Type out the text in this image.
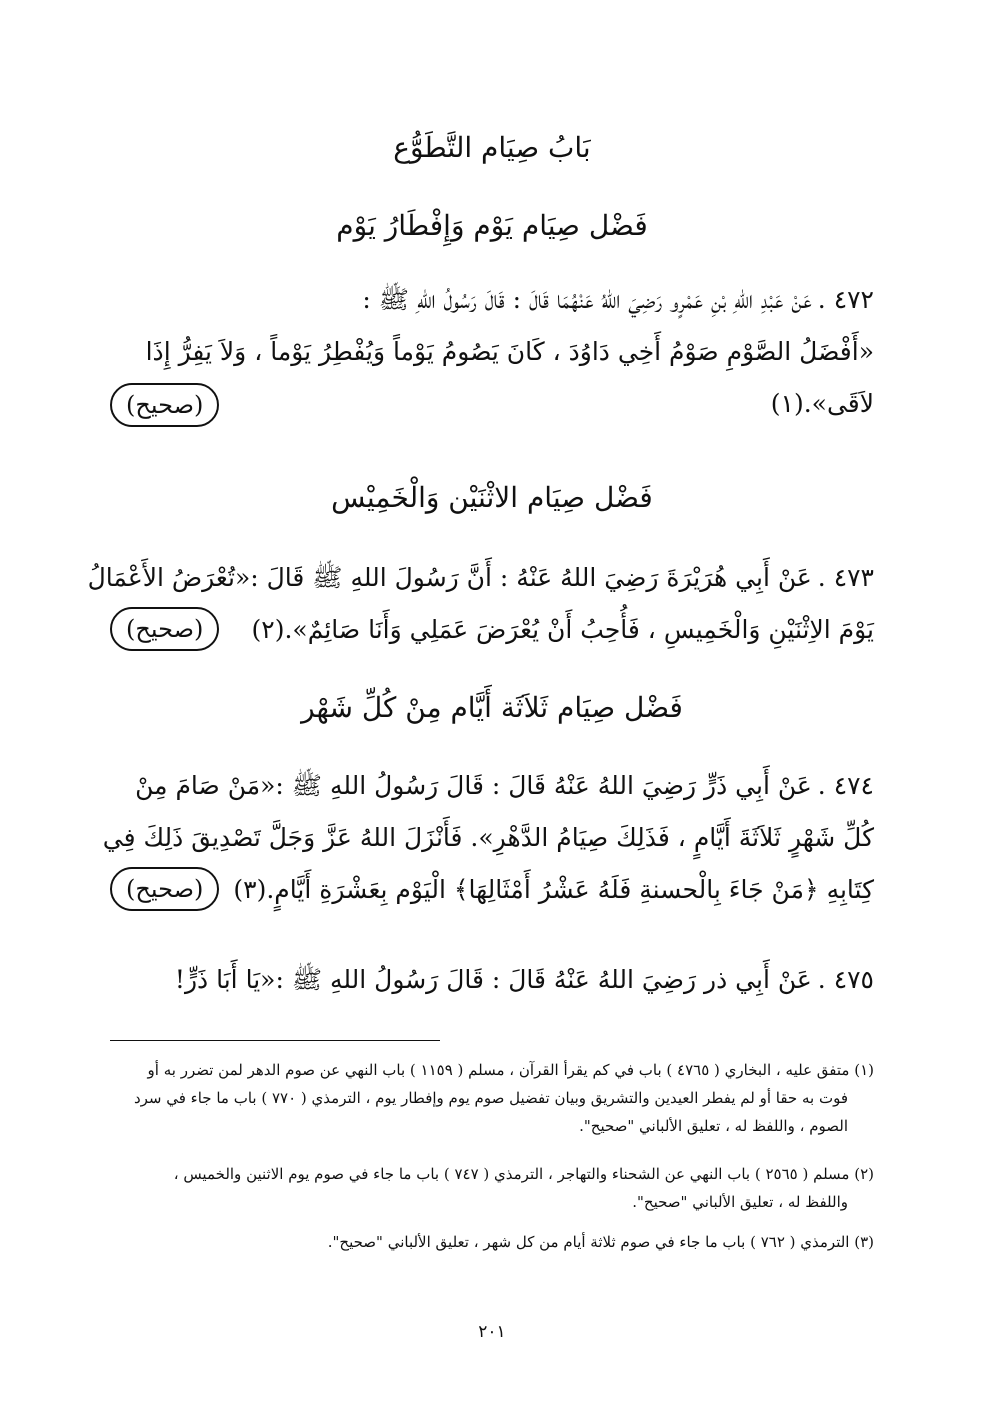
بَابُ صِيَام التَّطَوُّع
فَضْل صِيَام يَوْم وَإِفْطَارُ يَوْم
٤٧٢ .عَنْ عَبْدِ اللهِ بْنِ عَمْرٍو رَضِيَ اللهُ عَنْهُمَا قَالَ : قَالَ رَسُولُ اللهِ ﷺ :
«أَفْضَلُ الصَّوْمِ صَوْمُ أَخِي دَاوُدَ ، كَانَ يَصُومُ يَوْماً وَيُفْطِرُ يَوْماً ، وَلاَ يَفِرُّ إِذَا
لاَقَى».(١)
(صحيح)
فَضْل صِيَام الاثْنَيْن وَالْخَمِيْس
٤٧٣ .عَنْ أَبِي هُرَيْرَةَ رَضِيَ اللهُ عَنْهُ : أَنَّ رَسُولَ اللهِ ﷺ قَالَ :«تُعْرَضُ الأَعْمَالُ
يَوْمَ الاِثْنَيْنِ وَالْخَمِيسِ ، فَأُحِبُ أَنْ يُعْرَضَ عَمَلِي وَأَنَا صَائِمٌ».(٢)
(صحيح)
فَضْل صِيَام ثَلاَثَة أَيَّام مِنْ كُلِّ شَهْر
٤٧٤ .عَنْ أَبِي ذَرٍّ رَضِيَ اللهُ عَنْهُ قَالَ : قَالَ رَسُولُ اللهِ ﷺ :«مَنْ صَامَ مِنْ
كُلِّ شَهْرٍ ثَلاَثَةَ أَيَّامٍ ، فَذَلِكَ صِيَامُ الدَّهْرِ». فَأَنْزَلَ اللهُ عَزَّ وَجَلَّ تَصْدِيقَ ذَلِكَ فِي
كِتَابِهِ ﴿مَنْ جَاءَ بِالْحسنةِ فَلَهُ عَشْرُ أَمْثَالِهَا﴾ الْيَوْم بِعَشْرَةِ أَيَّامٍ.(٣)
(صحيح)
٤٧٥ .عَنْ أَبِي ذر رَضِيَ اللهُ عَنْهُ قَالَ : قَالَ رَسُولُ اللهِ ﷺ :«يَا أَبَا ذَرٍّ!
(١) متفق عليه ، البخاري ( ٤٧٦٥ ) باب في كم يقرأ القرآن ، مسلم ( ١١٥٩ ) باب النهي عن صوم الدهر لمن تضرر به أو
فوت به حقا أو لم يفطر العيدين والتشريق وبيان تفضيل صوم يوم وإفطار يوم ، الترمذي ( ٧٧٠ ) باب ما جاء في سرد
الصوم ، واللفظ له ، تعليق الألباني "صحيح".
(٢) مسلم ( ٢٥٦٥ ) باب النهي عن الشحناء والتهاجر ، الترمذي ( ٧٤٧ ) باب ما جاء في صوم يوم الاثنين والخميس ،
واللفظ له ، تعليق الألباني "صحيح".
(٣) الترمذي ( ٧٦٢ ) باب ما جاء في صوم ثلاثة أيام من كل شهر ، تعليق الألباني "صحيح".
٢٠١
